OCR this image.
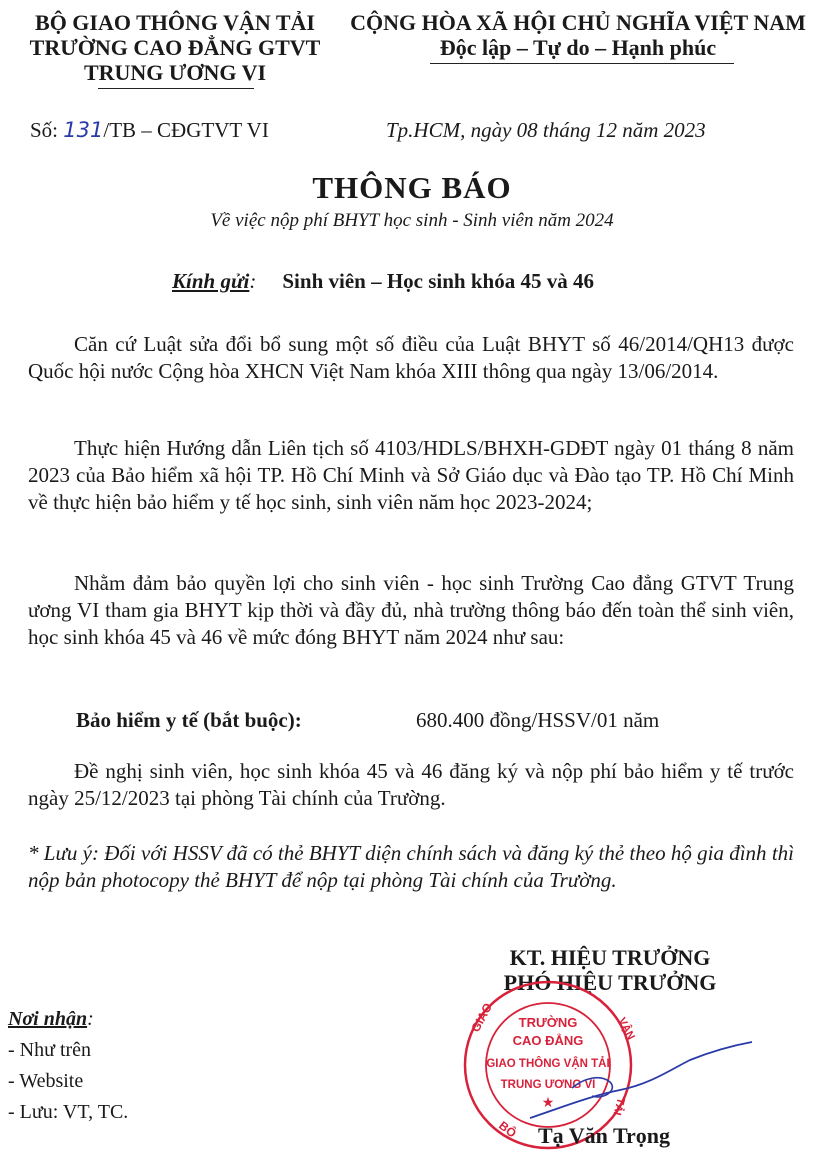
BỘ GIAO THÔNG VẬN TẢI
TRƯỜNG CAO ĐẲNG GTVT
TRUNG ƯƠNG VI
CỘNG HÒA XÃ HỘI CHỦ NGHĨA VIỆT NAM
Độc lập – Tự do – Hạnh phúc
Số: 131/TB – CĐGTVT VI	Tp.HCM, ngày 08 tháng 12 năm 2023
THÔNG BÁO
Về việc nộp phí BHYT học sinh - Sinh viên năm 2024
Kính gửi: Sinh viên – Học sinh khóa 45 và 46
Căn cứ Luật sửa đổi bổ sung một số điều của Luật BHYT số 46/2014/QH13 được Quốc hội nước Cộng hòa XHCN Việt Nam khóa XIII thông qua ngày 13/06/2014.
Thực hiện Hướng dẫn Liên tịch số 4103/HDLS/BHXH-GDĐT ngày 01 tháng 8 năm 2023 của Bảo hiểm xã hội TP. Hồ Chí Minh và Sở Giáo dục và Đào tạo TP. Hồ Chí Minh về thực hiện bảo hiểm y tế học sinh, sinh viên năm học 2023-2024;
Nhằm đảm bảo quyền lợi cho sinh viên - học sinh Trường Cao đẳng GTVT Trung ương VI tham gia BHYT kịp thời và đầy đủ, nhà trường thông báo đến toàn thể sinh viên, học sinh khóa 45 và 46 về mức đóng BHYT năm 2024 như sau:
Bảo hiểm y tế (bắt buộc):	680.400 đồng/HSSV/01 năm
Đề nghị sinh viên, học sinh khóa 45 và 46 đăng ký và nộp phí bảo hiểm y tế trước ngày 25/12/2023 tại phòng Tài chính của Trường.
* Lưu ý: Đối với HSSV đã có thẻ BHYT diện chính sách và đăng ký thẻ theo hộ gia đình thì nộp bản photocopy thẻ BHYT để nộp tại phòng Tài chính của Trường.
KT. HIỆU TRƯỞNG
PHÓ HIỆU TRƯỞNG
GIAO
BỘ
VẬN
TẢI
TRƯỜNG
CAO ĐẲNG
GIAO THÔNG VẬN TẢI
TRUNG ƯƠNG VI
★
Tạ Văn Trọng
Nơi nhận:
- Như trên
- Website
- Lưu: VT, TC.
